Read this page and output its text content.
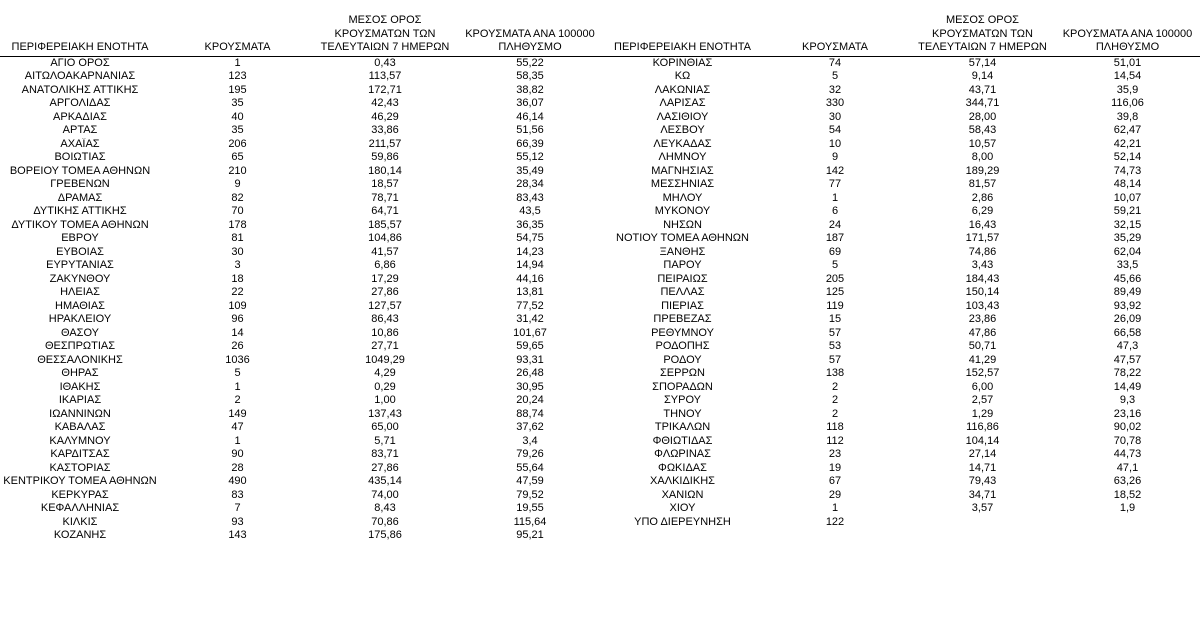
ΠΕΡΙΦΕΡΕΙΑΚΗ ΕΝΟΤΗΤΑ	ΚΡΟΥΣΜΑΤΑ	ΜΕΣΟΣ ΟΡΟΣ ΚΡΟΥΣΜΑΤΩΝ ΤΩΝ ΤΕΛΕΥΤΑΙΩΝ 7 ΗΜΕΡΩΝ	ΚΡΟΥΣΜΑΤΑ ΑΝΑ 100000 ΠΛΗΘΥΣΜΟ
ΑΓΙΟ ΟΡΟΣ	1	0,43	55,22
ΑΙΤΩΛΟΑΚΑΡΝΑΝΙΑΣ	123	113,57	58,35
ΑΝΑΤΟΛΙΚΗΣ ΑΤΤΙΚΗΣ	195	172,71	38,82
ΑΡΓΟΛΙΔΑΣ	35	42,43	36,07
ΑΡΚΑΔΙΑΣ	40	46,29	46,14
ΑΡΤΑΣ	35	33,86	51,56
ΑΧΑΪΑΣ	206	211,57	66,39
ΒΟΙΩΤΙΑΣ	65	59,86	55,12
ΒΟΡΕΙΟΥ ΤΟΜΕΑ ΑΘΗΝΩΝ	210	180,14	35,49
ΓΡΕΒΕΝΩΝ	9	18,57	28,34
ΔΡΑΜΑΣ	82	78,71	83,43
ΔΥΤΙΚΗΣ ΑΤΤΙΚΗΣ	70	64,71	43,5
ΔΥΤΙΚΟΥ ΤΟΜΕΑ ΑΘΗΝΩΝ	178	185,57	36,35
ΕΒΡΟΥ	81	104,86	54,75
ΕΥΒΟΙΑΣ	30	41,57	14,23
ΕΥΡΥΤΑΝΙΑΣ	3	6,86	14,94
ΖΑΚΥΝΘΟΥ	18	17,29	44,16
ΗΛΕΙΑΣ	22	27,86	13,81
ΗΜΑΘΙΑΣ	109	127,57	77,52
ΗΡΑΚΛΕΙΟΥ	96	86,43	31,42
ΘΑΣΟΥ	14	10,86	101,67
ΘΕΣΠΡΩΤΙΑΣ	26	27,71	59,65
ΘΕΣΣΑΛΟΝΙΚΗΣ	1036	1049,29	93,31
ΘΗΡΑΣ	5	4,29	26,48
ΙΘΑΚΗΣ	1	0,29	30,95
ΙΚΑΡΙΑΣ	2	1,00	20,24
ΙΩΑΝΝΙΝΩΝ	149	137,43	88,74
ΚΑΒΑΛΑΣ	47	65,00	37,62
ΚΑΛΥΜΝΟΥ	1	5,71	3,4
ΚΑΡΔΙΤΣΑΣ	90	83,71	79,26
ΚΑΣΤΟΡΙΑΣ	28	27,86	55,64
ΚΕΝΤΡΙΚΟΥ ΤΟΜΕΑ ΑΘΗΝΩΝ	490	435,14	47,59
ΚΕΡΚΥΡΑΣ	83	74,00	79,52
ΚΕΦΑΛΛΗΝΙΑΣ	7	8,43	19,55
ΚΙΛΚΙΣ	93	70,86	115,64
ΚΟΖΑΝΗΣ	143	175,86	95,21
ΠΕΡΙΦΕΡΕΙΑΚΗ ΕΝΟΤΗΤΑ	ΚΡΟΥΣΜΑΤΑ	ΜΕΣΟΣ ΟΡΟΣ ΚΡΟΥΣΜΑΤΩΝ ΤΩΝ ΤΕΛΕΥΤΑΙΩΝ 7 ΗΜΕΡΩΝ	ΚΡΟΥΣΜΑΤΑ ΑΝΑ 100000 ΠΛΗΘΥΣΜΟ
ΚΟΡΙΝΘΙΑΣ	74	57,14	51,01
ΚΩ	5	9,14	14,54
ΛΑΚΩΝΙΑΣ	32	43,71	35,9
ΛΑΡΙΣΑΣ	330	344,71	116,06
ΛΑΣΙΘΙΟΥ	30	28,00	39,8
ΛΕΣΒΟΥ	54	58,43	62,47
ΛΕΥΚΑΔΑΣ	10	10,57	42,21
ΛΗΜΝΟΥ	9	8,00	52,14
ΜΑΓΝΗΣΙΑΣ	142	189,29	74,73
ΜΕΣΣΗΝΙΑΣ	77	81,57	48,14
ΜΗΛΟΥ	1	2,86	10,07
ΜΥΚΟΝΟΥ	6	6,29	59,21
ΝΗΣΩΝ	24	16,43	32,15
ΝΟΤΙΟΥ ΤΟΜΕΑ ΑΘΗΝΩΝ	187	171,57	35,29
ΞΑΝΘΗΣ	69	74,86	62,04
ΠΑΡΟΥ	5	3,43	33,5
ΠΕΙΡΑΙΩΣ	205	184,43	45,66
ΠΕΛΛΑΣ	125	150,14	89,49
ΠΙΕΡΙΑΣ	119	103,43	93,92
ΠΡΕΒΕΖΑΣ	15	23,86	26,09
ΡΕΘΥΜΝΟΥ	57	47,86	66,58
ΡΟΔΟΠΗΣ	53	50,71	47,3
ΡΟΔΟΥ	57	41,29	47,57
ΣΕΡΡΩΝ	138	152,57	78,22
ΣΠΟΡΑΔΩΝ	2	6,00	14,49
ΣΥΡΟΥ	2	2,57	9,3
ΤΗΝΟΥ	2	1,29	23,16
ΤΡΙΚΑΛΩΝ	118	116,86	90,02
ΦΘΙΩΤΙΔΑΣ	112	104,14	70,78
ΦΛΩΡΙΝΑΣ	23	27,14	44,73
ΦΩΚΙΔΑΣ	19	14,71	47,1
ΧΑΛΚΙΔΙΚΗΣ	67	79,43	63,26
ΧΑΝΙΩΝ	29	34,71	18,52
ΧΙΟΥ	1	3,57	1,9
ΥΠΟ ΔΙΕΡΕΥΝΗΣΗ	122		
